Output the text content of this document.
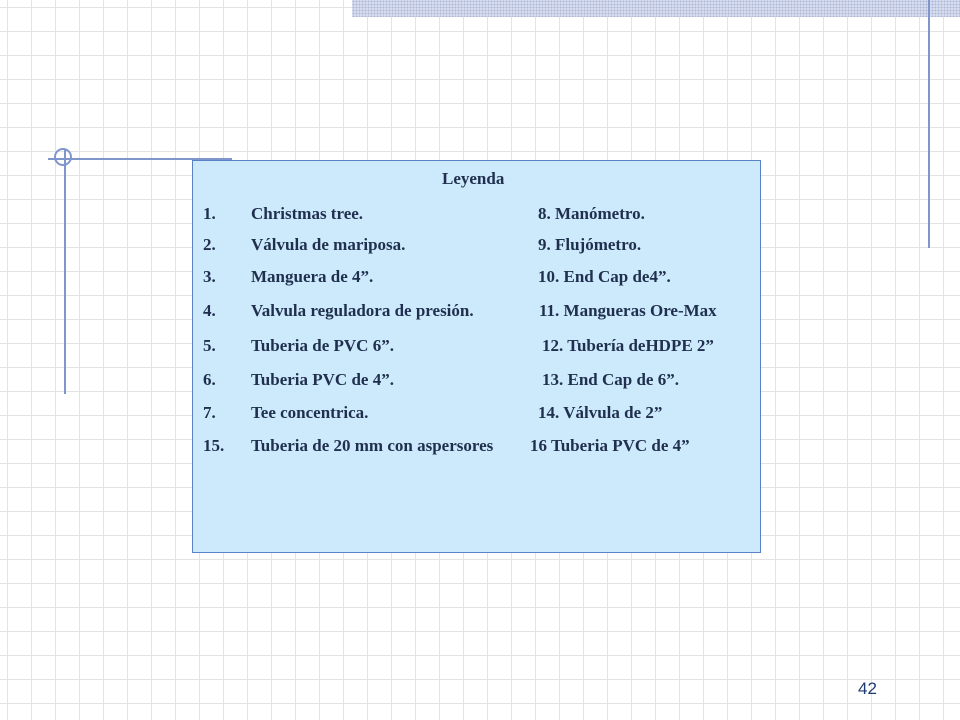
Leyenda
1. Christmas tree.	8. Manómetro.
2. Válvula de mariposa.	9. Flujómetro.
3. Manguera de 4”.	10. End Cap de4”.
4. Valvula reguladora de presión.	11. Mangueras Ore-Max
5. Tuberia de PVC 6”.	12. Tubería deHDPE 2”
6. Tuberia PVC de 4”.	13. End Cap de 6”.
7. Tee concentrica.	14. Válvula de 2”
15. Tuberia de 20 mm con aspersores 16 Tuberia PVC de 4”
42
